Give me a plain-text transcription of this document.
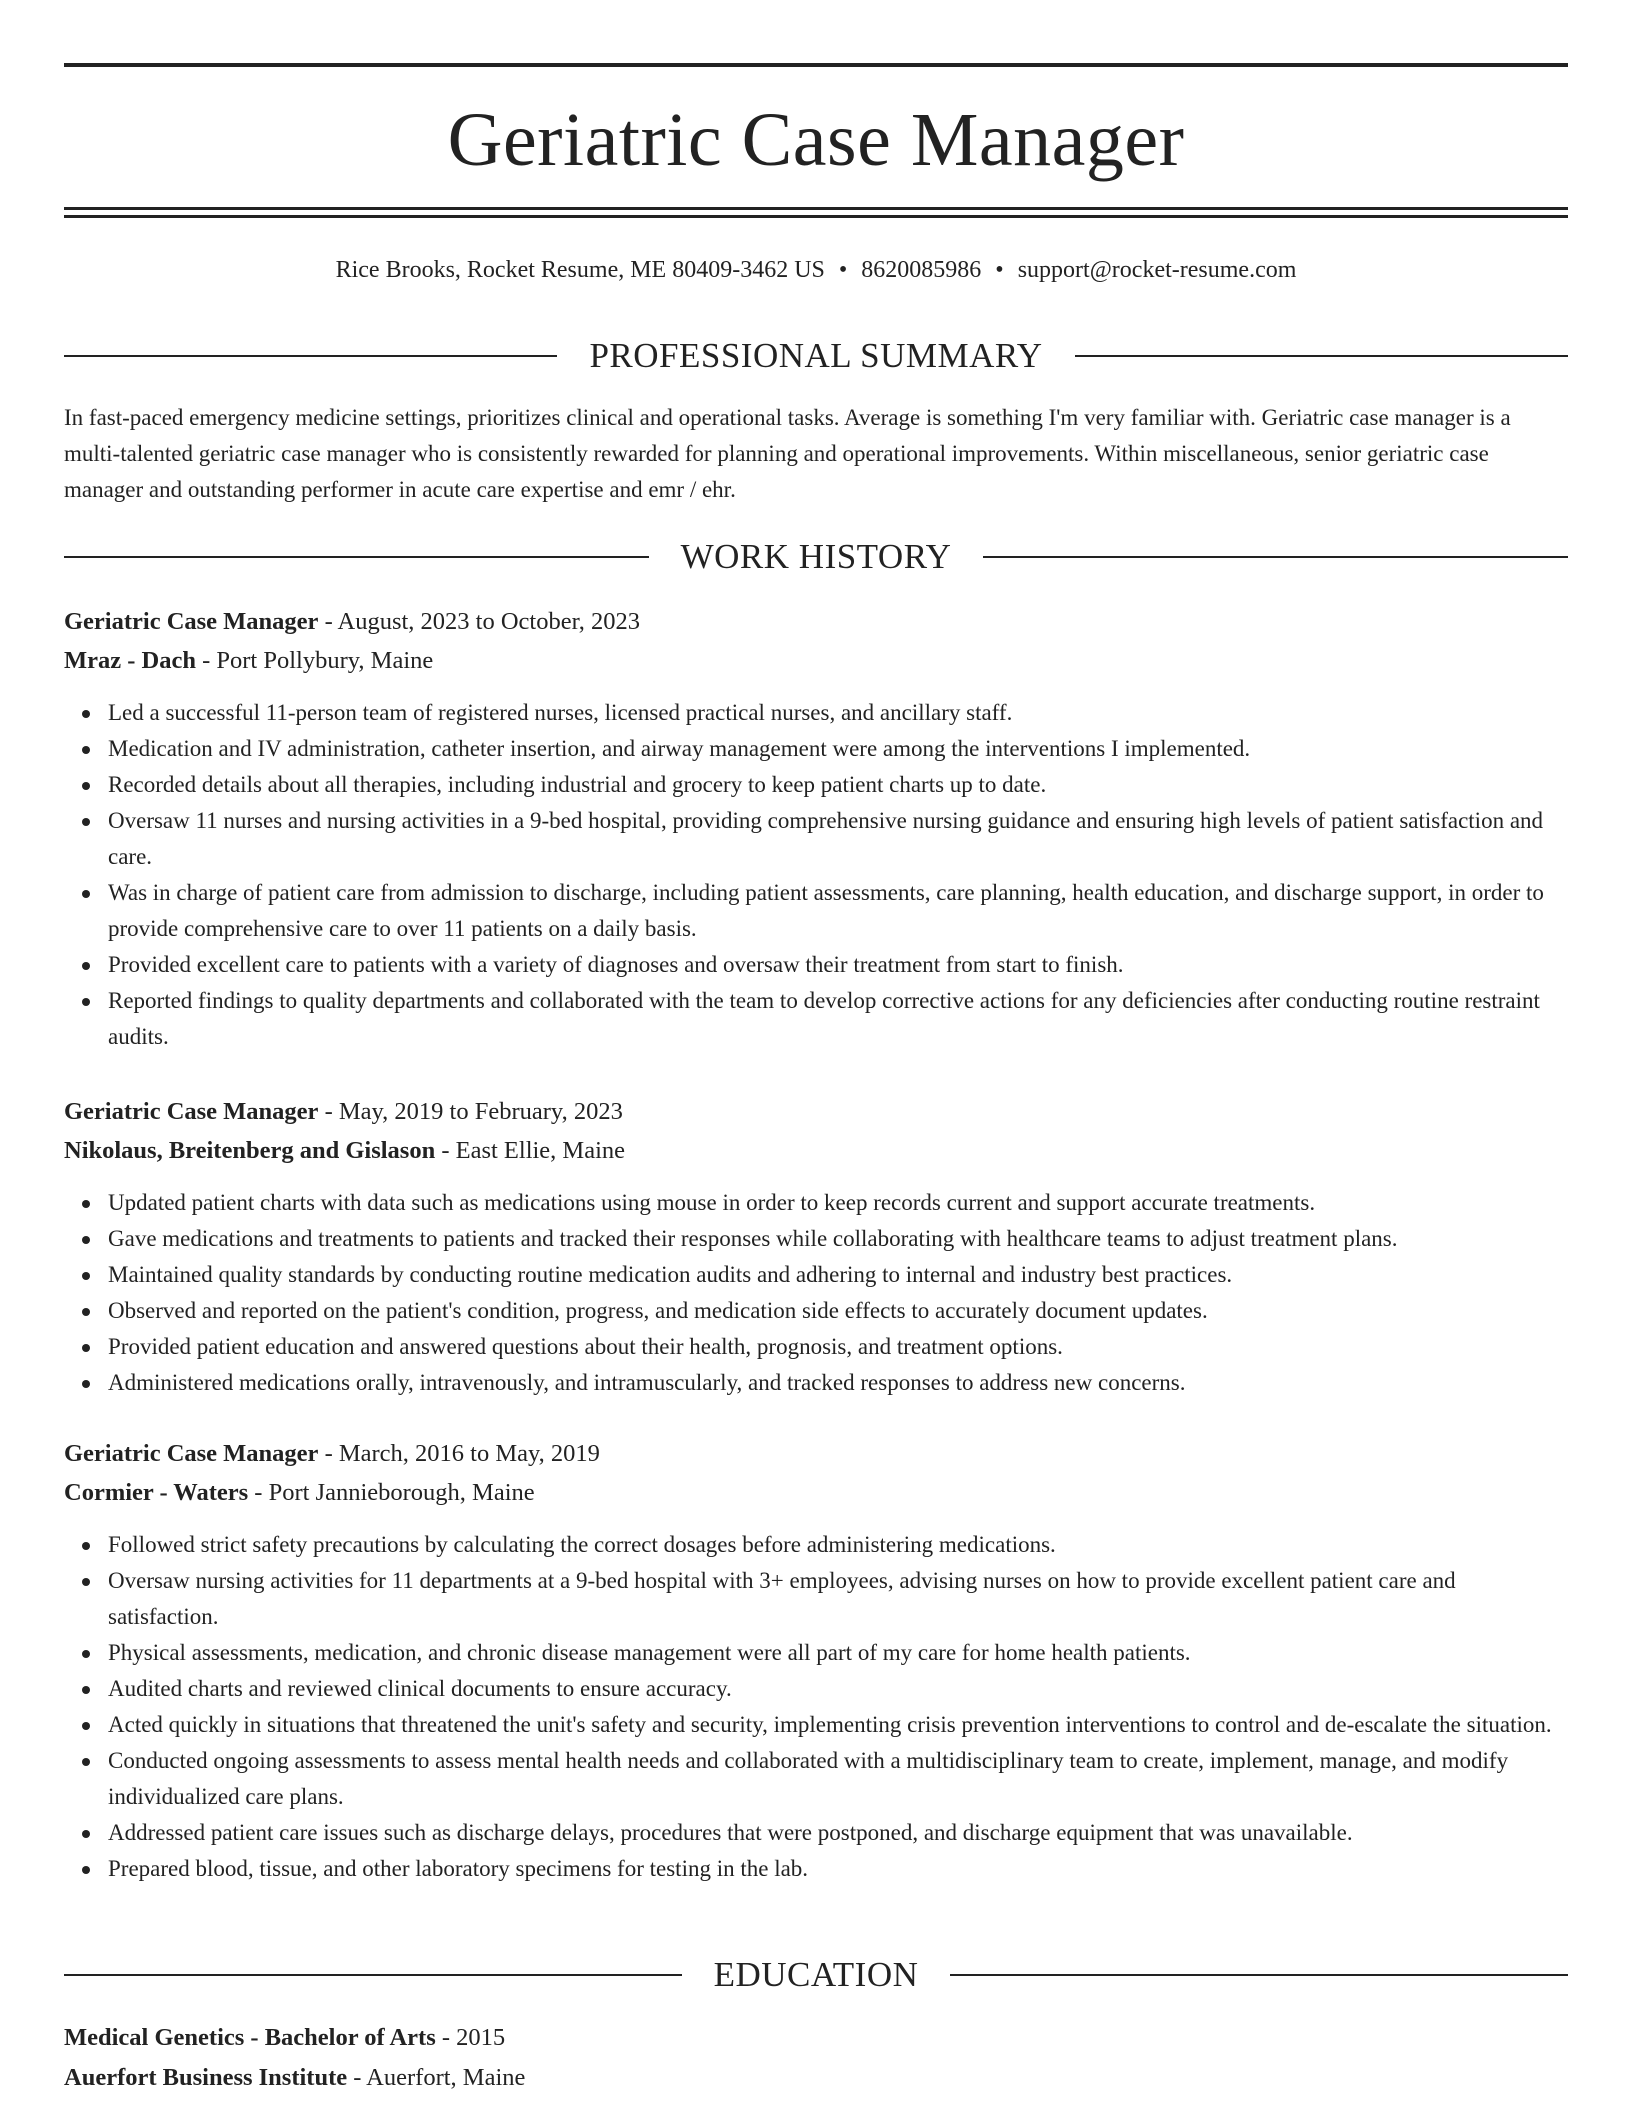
Geriatric Case Manager
Rice Brooks, Rocket Resume, ME 80409-3462 US • 8620085986 • support@rocket-resume.com
PROFESSIONAL SUMMARY

In fast-paced emergency medicine settings, prioritizes clinical and operational tasks. Average is something I'm very familiar with. Geriatric case manager is a multi-talented geriatric case manager who is consistently rewarded for planning and operational improvements. Within miscellaneous, senior geriatric case manager and outstanding performer in acute care expertise and emr / ehr.

WORK HISTORY
Geriatric Case Manager - August, 2023 to October, 2023
Mraz - Dach - Port Pollybury, Maine
Led a successful 11-person team of registered nurses, licensed practical nurses, and ancillary staff.
Medication and IV administration, catheter insertion, and airway management were among the interventions I implemented.
Recorded details about all therapies, including industrial and grocery to keep patient charts up to date.
Oversaw 11 nurses and nursing activities in a 9-bed hospital, providing comprehensive nursing guidance and ensuring high levels of patient satisfaction and care.
Was in charge of patient care from admission to discharge, including patient assessments, care planning, health education, and discharge support, in order to provide comprehensive care to over 11 patients on a daily basis.
Provided excellent care to patients with a variety of diagnoses and oversaw their treatment from start to finish.
Reported findings to quality departments and collaborated with the team to develop corrective actions for any deficiencies after conducting routine restraint audits.
Geriatric Case Manager - May, 2019 to February, 2023
Nikolaus, Breitenberg and Gislason - East Ellie, Maine
Updated patient charts with data such as medications using mouse in order to keep records current and support accurate treatments.
Gave medications and treatments to patients and tracked their responses while collaborating with healthcare teams to adjust treatment plans.
Maintained quality standards by conducting routine medication audits and adhering to internal and industry best practices.
Observed and reported on the patient's condition, progress, and medication side effects to accurately document updates.
Provided patient education and answered questions about their health, prognosis, and treatment options.
Administered medications orally, intravenously, and intramuscularly, and tracked responses to address new concerns.
Geriatric Case Manager - March, 2016 to May, 2019
Cormier - Waters - Port Jannieborough, Maine
Followed strict safety precautions by calculating the correct dosages before administering medications.
Oversaw nursing activities for 11 departments at a 9-bed hospital with 3+ employees, advising nurses on how to provide excellent patient care and satisfaction.
Physical assessments, medication, and chronic disease management were all part of my care for home health patients.
Audited charts and reviewed clinical documents to ensure accuracy.
Acted quickly in situations that threatened the unit's safety and security, implementing crisis prevention interventions to control and de-escalate the situation.
Conducted ongoing assessments to assess mental health needs and collaborated with a multidisciplinary team to create, implement, manage, and modify individualized care plans.
Addressed patient care issues such as discharge delays, procedures that were postponed, and discharge equipment that was unavailable.
Prepared blood, tissue, and other laboratory specimens for testing in the lab.
EDUCATION
Medical Genetics - Bachelor of Arts - 2015
Auerfort Business Institute - Auerfort, Maine
